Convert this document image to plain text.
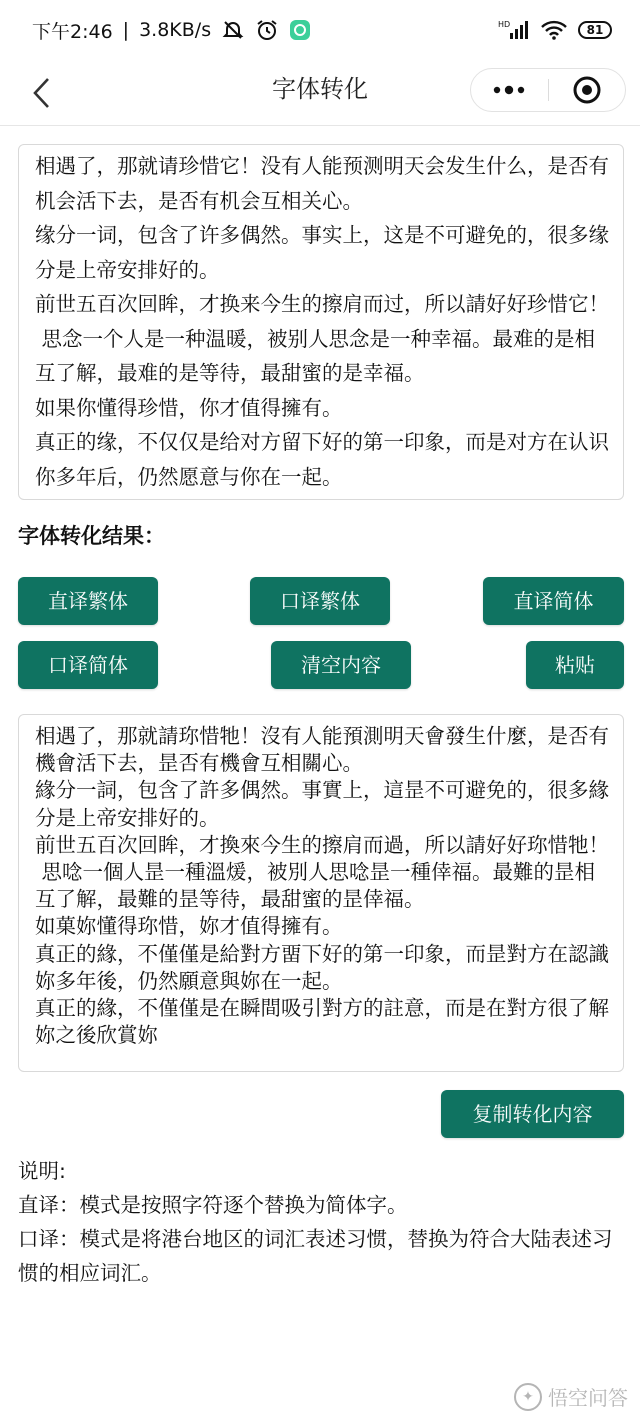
下午2:46 | 3.8KB/s	HD	81
字体转化
相遇了，那就请珍惜它！没有人能预测明天会发生什么，是否有机会活下去，是否有机会互相关心。 缘分一词，包含了许多偶然。事实上，这是不可避免的，很多缘分是上帝安排好的。 前世五百次回眸，才换来今生的擦肩而过，所以請好好珍惜它！ 思念一个人是一种温暖，被别人思念是一种幸福。最难的是相互了解，最难的是等待，最甜蜜的是幸福。 如果你懂得珍惜，你才值得擁有。 真正的缘，不仅仅是给对方留下好的第一印象，而是对方在认识你多年后，仍然愿意与你在一起。
字体转化结果：
直译繁体	口译繁体	直译简体
口译简体	清空内容	粘贴
相遇了，那就請珎惜牠！沒有人能預測明天會發生什麼，是否有機會活下去，昰否有機會互相關心。 緣分一詞，包含了許多偶然。事實上，這昰不可避免的，很多緣分是上帝安排好的。 前世五百次回眸，才換來今生的擦肩而過，所以請好好珎惜牠！ 思唸一個人昰一種溫煖，被別人思唸昰一種倖福。最難的昰相互了解，最難的昰等待，最甜蜜的昰倖福。 如菓妳懂得珎惜，妳才值得擁有。 真正的緣，不僅僅是給對方畱下好的第一印象，而昰對方在認識妳多年後，仍然願意與妳在一起。 真正的緣，不僅僅是在瞬間吸引對方的註意，而是在對方很了解妳之後欣賞妳
复制转化内容

说明:

直译：模式是按照字符逐个替换为简体字。

口译：模式是将港台地区的词汇表述习惯，替换为符合大陆表述习惯的相应词汇。

✦ 悟空问答
